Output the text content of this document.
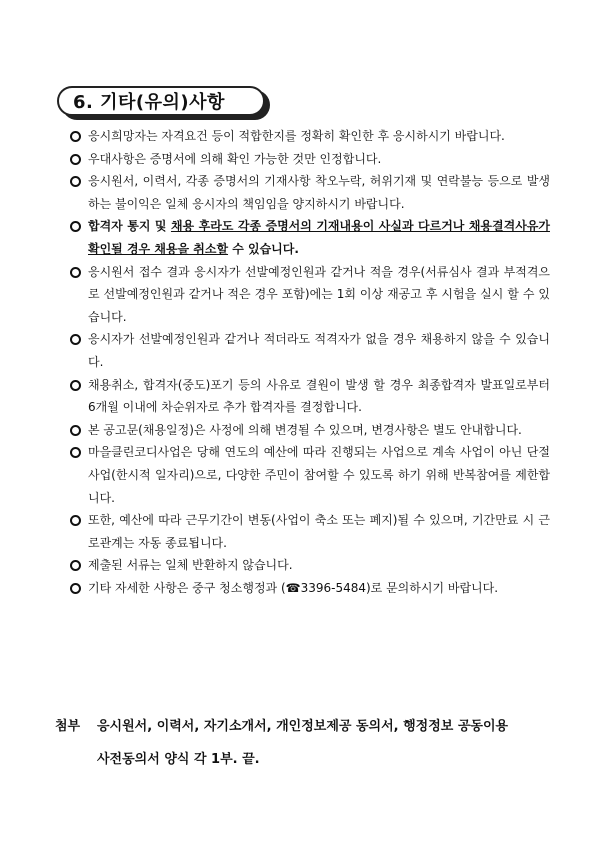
6. 기타(유의)사항
응시희망자는 자격요건 등이 적합한지를 정확히 확인한 후 응시하시기 바랍니다.
우대사항은 증명서에 의해 확인 가능한 것만 인정합니다.
응시원서, 이력서, 각종 증명서의 기재사항 착오누락, 허위기재 및 연락불능 등으로 발생하는 불이익은 일체 응시자의 책임임을 양지하시기 바랍니다.
합격자 통지 및 채용 후라도 각종 증명서의 기재내용이 사실과 다르거나 채용결격사유가 확인될 경우 채용을 취소할 수 있습니다.
응시원서 접수 결과 응시자가 선발예정인원과 같거나 적을 경우(서류심사 결과 부적격으로 선발예정인원과 같거나 적은 경우 포함)에는 1회 이상 재공고 후 시험을 실시 할 수 있습니다.
응시자가 선발예정인원과 같거나 적더라도 적격자가 없을 경우 채용하지 않을 수 있습니다.
채용취소, 합격자(중도)포기 등의 사유로 결원이 발생 할 경우 최종합격자 발표일로부터 6개월 이내에 차순위자로 추가 합격자를 결정합니다.
본 공고문(채용일정)은 사정에 의해 변경될 수 있으며, 변경사항은 별도 안내합니다.
마을클린코디사업은 당해 연도의 예산에 따라 진행되는 사업으로 계속 사업이 아닌 단절 사업(한시적 일자리)으로, 다양한 주민이 참여할 수 있도록 하기 위해 반복참여를 제한합니다.
또한, 예산에 따라 근무기간이 변동(사업이 축소 또는 폐지)될 수 있으며, 기간만료 시 근로관계는 자동 종료됩니다.
제출된 서류는 일체 반환하지 않습니다.
기타 자세한 사항은 중구 청소행정과 (☎3396-5484)로 문의하시기 바랍니다.
첨부 응시원서, 이력서, 자기소개서, 개인정보제공 동의서, 행정정보 공동이용
사전동의서 양식 각 1부. 끝.
